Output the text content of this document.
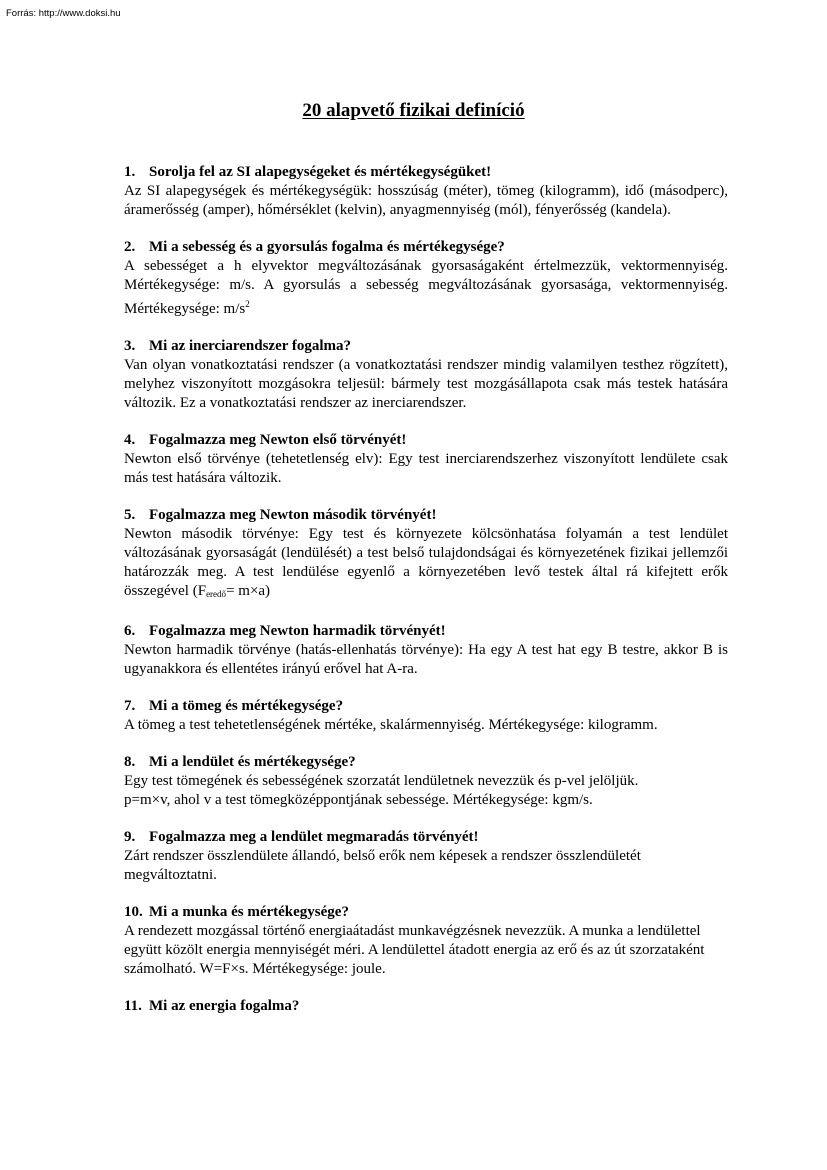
Forrás: http://www.doksi.hu
20 alapvető fizikai definíció

1. Sorolja fel az SI alapegységeket és mértékegységüket!

Az SI alapegységek és mértékegységük: hosszúság (méter), tömeg (kilogramm), idő (másodperc), áramerősség (amper), hőmérséklet (kelvin), anyagmennyiség (mól), fényerősség (kandela).

2. Mi a sebesség és a gyorsulás fogalma és mértékegysége?

A sebességet a h elyvektor megváltozásának gyorsaságaként értelmezzük, vektormennyiség. Mértékegysége: m/s. A gyorsulás a sebesség megváltozásának gyorsasága, vektormennyiség. Mértékegysége: $m/s^2$

3. Mi az inerciarendszer fogalma?

Van olyan vonatkoztatási rendszer (a vonatkoztatási rendszer mindig valamilyen testhez rögzített), melyhez viszonyított mozgásokra teljesül: bármely test mozgásállapota csak más testek hatására változik. Ez a vonatkoztatási rendszer az inerciarendszer.

4. Fogalmazza meg Newton első törvényét!

Newton első törvénye (tehetetlenség elv): Egy test inerciarendszerhez viszonyított lendülete csak más test hatására változik.

5. Fogalmazza meg Newton második törvényét!

Newton második törvénye: Egy test és környezete kölcsönhatása folyamán a test lendület változásának gyorsaságát (lendülését) a test belső tulajdondságai és környezetének fizikai jellemzői határozzák meg. A test lendülése egyenlő a környezetében levő testek által rá kifejtett erők összegével $(F_{eredő}= m\times a)$

6. Fogalmazza meg Newton harmadik törvényét!

Newton harmadik törvénye (hatás-ellenhatás törvénye): Ha egy A test hat egy B testre, akkor B is ugyanakkora és ellentétes irányú erővel hat A-ra.

7. Mi a tömeg és mértékegysége?

A tömeg a test tehetetlenségének mértéke, skalármennyiség. Mértékegysége: kilogramm.

8. Mi a lendület és mértékegysége?

Egy test tömegének és sebességének szorzatát lendületnek nevezzük és p-vel jelöljük.

p=m×v, ahol v a test tömegközéppontjának sebessége. Mértékegysége: kgm/s.

9. Fogalmazza meg a lendület megmaradás törvényét!

Zárt rendszer összlendülete állandó, belső erők nem képesek a rendszer összlendületét megváltoztatni.

10. Mi a munka és mértékegysége?

A rendezett mozgással történő energiaátadást munkavégzésnek nevezzük. A munka a lendülettel együtt közölt energia mennyiségét méri. A lendülettel átadott energia az erő és az út szorzataként számolható. W=F×s. Mértékegysége: joule.

11. Mi az energia fogalma?
